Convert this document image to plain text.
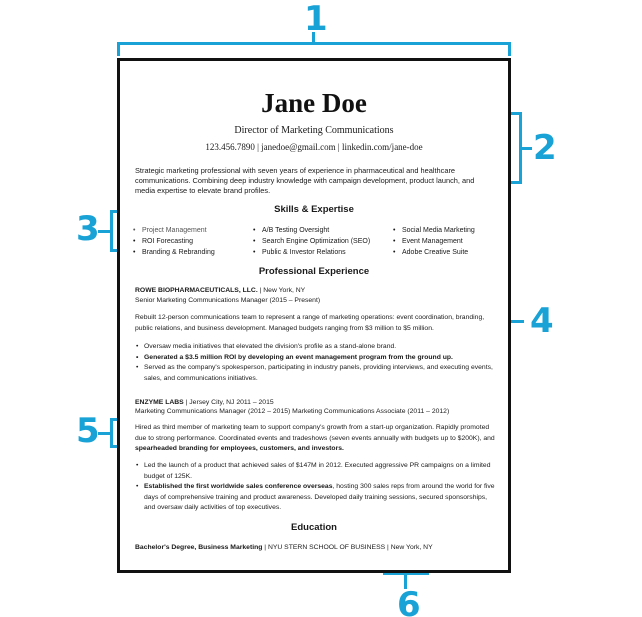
1
2
3
4
5
6
Jane Doe
Director of Marketing Communications
123.456.7890 | janedoe@gmail.com | linkedin.com/jane-doe
Strategic marketing professional with seven years of experience in pharmaceutical and healthcare communications. Combining deep industry knowledge with campaign development, product launch, and media expertise to elevate brand profiles.
Skills & Expertise
• Project Management
• ROI Forecasting
• Branding & Rebranding
• A/B Testing Oversight
• Search Engine Optimization (SEO)
• Public & Investor Relations
• Social Media Marketing
• Event Management
• Adobe Creative Suite
Professional Experience
ROWE BIOPHARMACEUTICALS, LLC. | New York, NY
Senior Marketing Communications Manager (2015 – Present)
Rebuilt 12-person communications team to represent a range of marketing operations: event coordination, branding, public relations, and business development. Managed budgets ranging from $3 million to $5 million.
• Oversaw media initiatives that elevated the division's profile as a stand-alone brand.
• Generated a $3.5 million ROI by developing an event management program from the ground up.
• Served as the company's spokesperson, participating in industry panels, providing interviews, and executing events, sales, and communications initiatives.
ENZYME LABS | Jersey City, NJ 2011 – 2015
Marketing Communications Manager (2012 – 2015) Marketing Communications Associate (2011 – 2012)
Hired as third member of marketing team to support company's growth from a start-up organization. Rapidly promoted due to strong performance. Coordinated events and tradeshows (seven events annually with budgets up to $200K), and spearheaded branding for employees, customers, and investors.
• Led the launch of a product that achieved sales of $147M in 2012. Executed aggressive PR campaigns on a limited budget of 125K.
• Established the first worldwide sales conference overseas, hosting 300 sales reps from around the world for five days of comprehensive training and product awareness. Developed daily training sessions, secured sponsorships, and oversaw daily activities of top executives.
Education
Bachelor's Degree, Business Marketing | NYU STERN SCHOOL OF BUSINESS | New York, NY
